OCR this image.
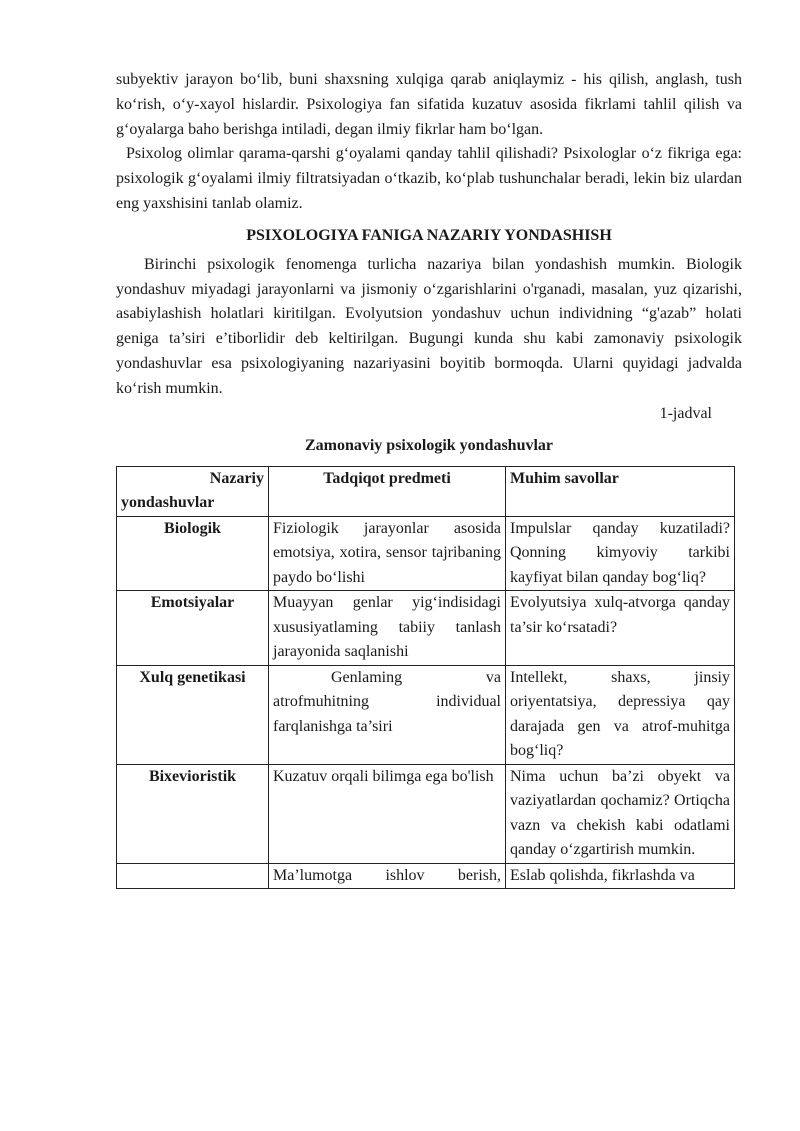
subyektiv jarayon bo‘lib, buni shaxsning xulqiga qarab aniqlaymiz - his qilish, anglash, tush ko‘rish, o‘y-xayol hislardir. Psixologiya fan sifatida kuzatuv asosida fikrlami tahlil qilish va g‘oyalarga baho berishga intiladi, degan ilmiy fikrlar ham bo‘lgan.

Psixolog olimlar qarama-qarshi g‘oyalami qanday tahlil qilishadi? Psixologlar o‘z fikriga ega: psixologik g‘oyalami ilmiy filtratsiyadan o‘tkazib, ko‘plab tushunchalar beradi, lekin biz ulardan eng yaxshisini tanlab olamiz.

PSIXOLOGIYA FANIGA NAZARIY YONDASHISH

Birinchi psixologik fenomenga turlicha nazariya bilan yondashish mumkin. Biologik yondashuv miyadagi jarayonlarni va jismoniy o‘zgarishlarini o'rganadi, masalan, yuz qizarishi, asabiylashish holatlari kiritilgan. Evolyutsion yondashuv uchun individning “g'azab” holati geniga ta’siri e’tiborlidir deb keltirilgan. Bugungi kunda shu kabi zamonaviy psixologik yondashuvlar esa psixologiyaning nazariyasini boyitib bormoqda. Ularni quyidagi jadvalda ko‘rish mumkin.

1-jadval
Zamonaviy psixologik yondashuvlar
Nazariy
yondashuvlar	Tadqiqot predmeti	Muhim savollar
Biologik	Fiziologik jarayonlar asosida emotsiya, xotira, sensor tajribaning paydo bo‘lishi	Impulslar qanday kuzatiladi? Qonning kimyoviy tarkibi kayfiyat bilan qanday bog‘liq?
Emotsiyalar	Muayyan genlar yig‘indisidagi xususiyatlaming tabiiy tanlash jarayonida saqlanishi	Evolyutsiya xulq-atvorga qanday ta’sir ko‘rsatadi?
Xulq genetikasi	Genlaming va atrofmuhitning individual farqlanishga ta’siri	Intellekt, shaxs, jinsiy oriyentatsiya, depressiya qay darajada gen va atrof-muhitga bog‘liq?
Bixevioristik	Kuzatuv orqali bilimga ega bo'lish	Nima uchun ba’zi obyekt va vaziyatlardan qochamiz? Ortiqcha vazn va chekish kabi odatlami qanday o‘zgartirish mumkin.
	Ma’lumotga ishlov berish,	Eslab qolishda, fikrlashda va
